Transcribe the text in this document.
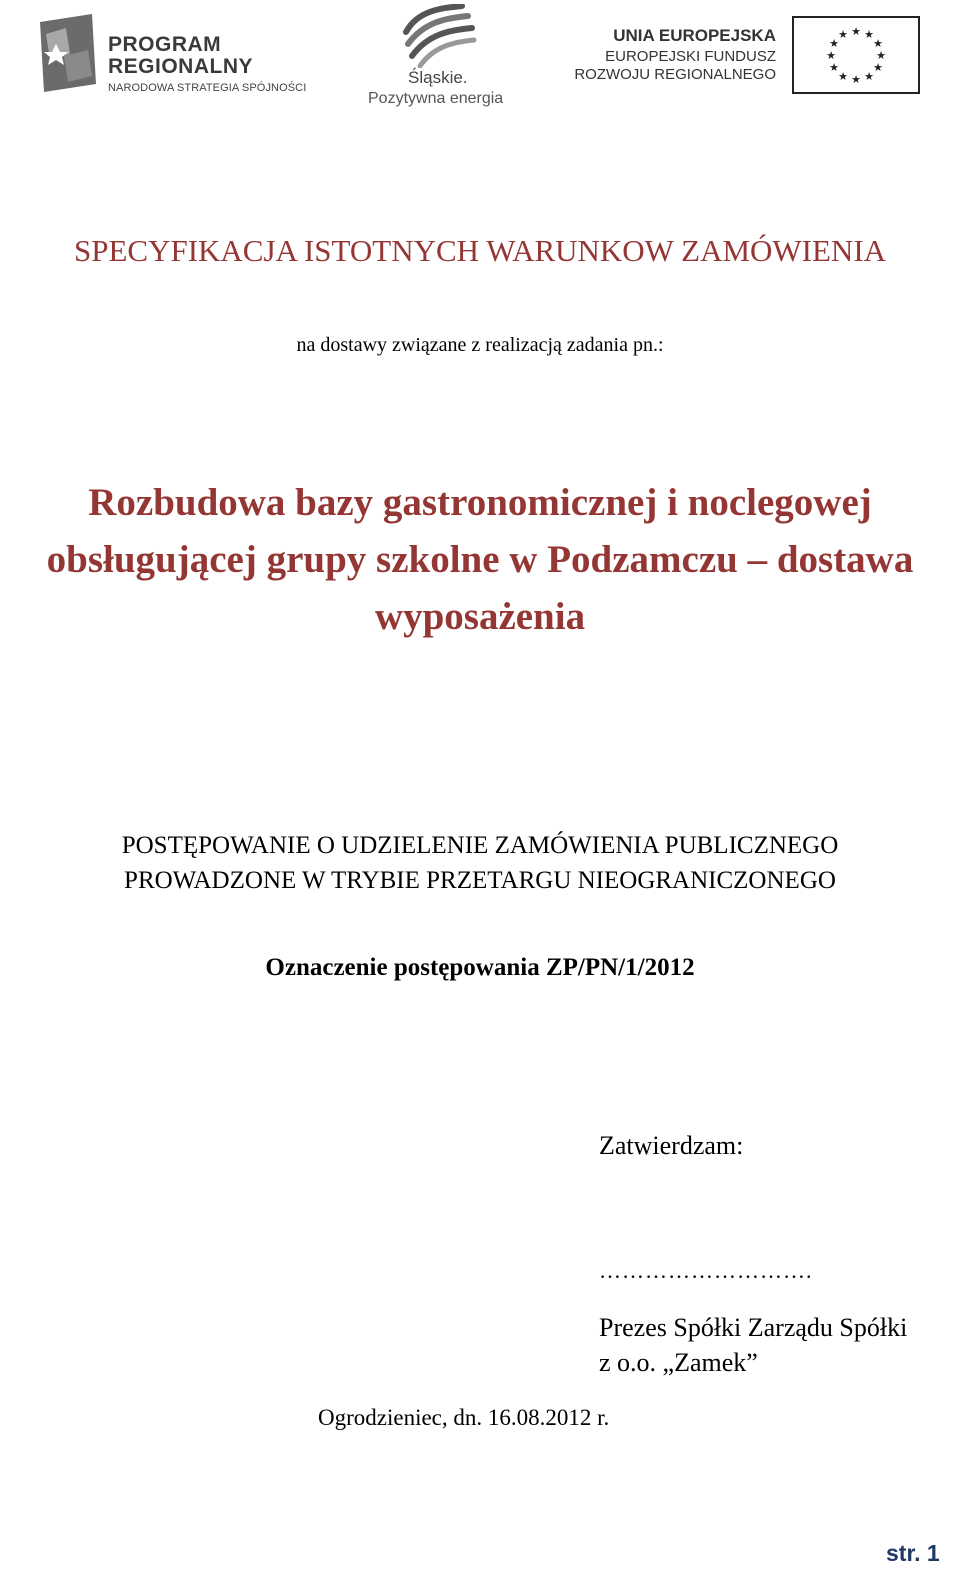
PROGRAM
REGIONALNY
NARODOWA STRATEGIA SPÓJNOŚCI
Śląskie.
Pozytywna energia
UNIA EUROPEJSKA
EUROPEJSKI FUNDUSZ
ROZWOJU REGIONALNEGO
★ ★
★
★
★
★
★
★
★
★
★
★
SPECYFIKACJA ISTOTNYCH WARUNKOW ZAMÓWIENIA
na dostawy związane z realizacją zadania pn.:
Rozbudowa bazy gastronomicznej i noclegowej
obsługującej grupy szkolne w Podzamczu – dostawa
wyposażenia
POSTĘPOWANIE O UDZIELENIE ZAMÓWIENIA PUBLICZNEGO
PROWADZONE W TRYBIE PRZETARGU NIEOGRANICZONEGO
Oznaczenie postępowania ZP/PN/1/2012
Zatwierdzam:
……………………….
Prezes Spółki Zarządu Spółki
z o.o. „Zamek”
Ogrodzieniec, dn. 16.08.2012 r.
str. 1
